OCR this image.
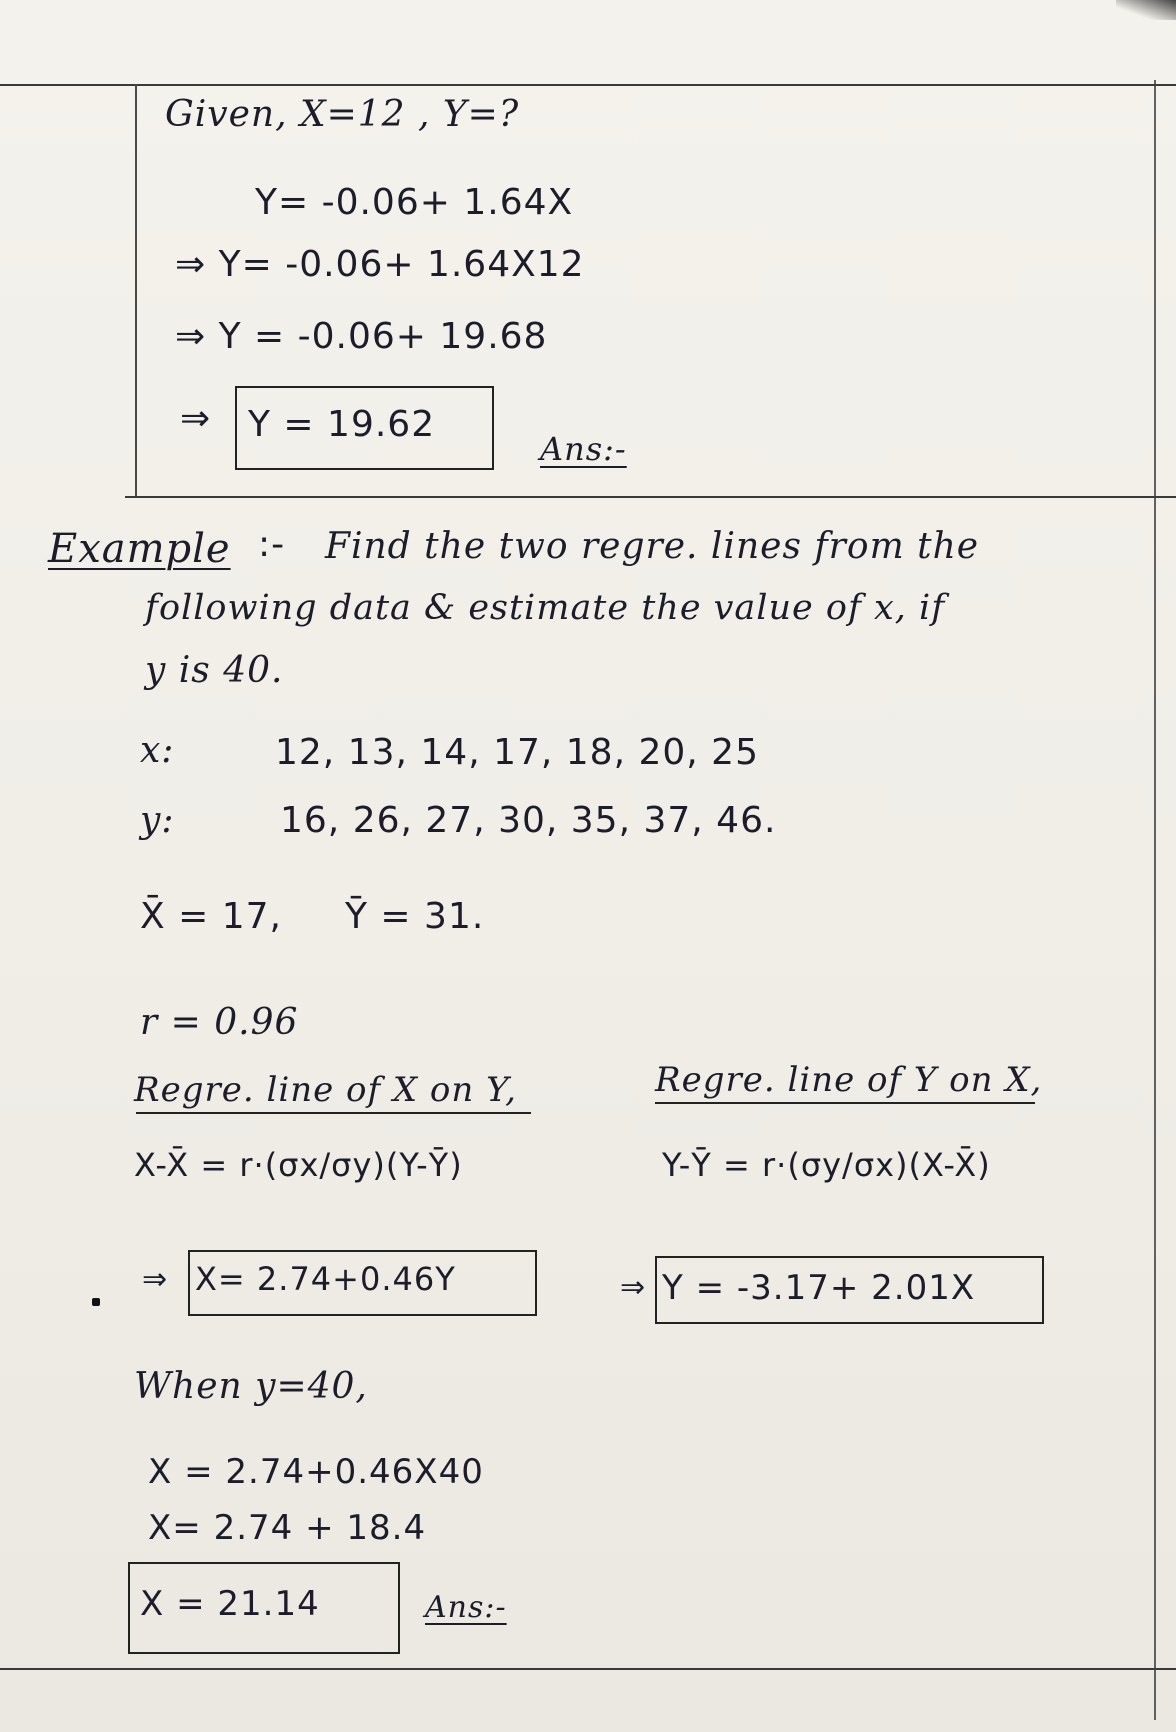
Given, X=12 , Y=?
Y= -0.06+ 1.64X
⇒ Y= -0.06+ 1.64X12
⇒ Y = -0.06+ 19.68
⇒ Y = 19.62
Ans:-
Example :- Find the two regre. lines from the
following data & estimate the value of x, if
y is 40.
x:	12, 13, 14, 17, 18, 20, 25
y:	16, 26, 27, 30, 35, 37, 46.
X̄ = 17, Ȳ = 31.
r = 0.96
Regre. line of X on Y,
X-X̄ = r·(σx/σy)(Y-Ȳ)
⇒ X= 2.74+0.46Y
Regre. line of Y on X,
Y-Ȳ = r·(σy/σx)(X-X̄)
⇒ Y = -3.17+ 2.01X
When y=40,
X = 2.74+0.46X40
X= 2.74 + 18.4
X = 21.14	Ans:-
